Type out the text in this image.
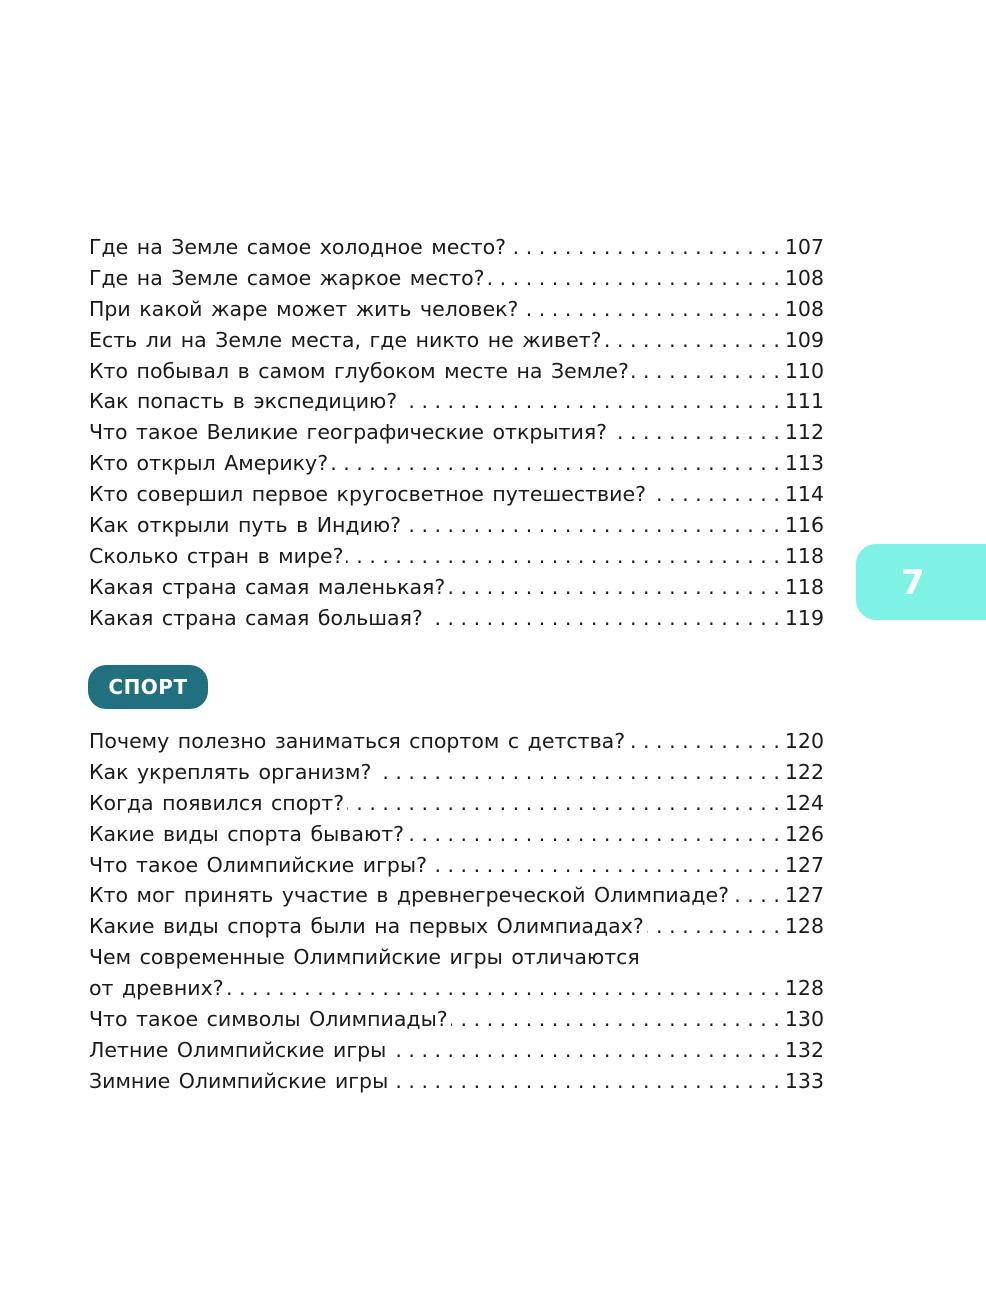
Где на Земле самое холодное место? . . .	107
Где на Земле самое жаркое место? . . .	108
При какой жаре может жить человек? . . .	108
Есть ли на Земле места, где никто не живет? . . .	109
Кто побывал в самом глубоком месте на Земле? . . .	110
Как попасть в экспедицию? . . .	111
Что такое Великие географические открытия? . . .	112
Кто открыл Америку? . . .	113
Кто совершил первое кругосветное путешествие? . . .	114
Как открыли путь в Индию? . . .	116
Сколько стран в мире? . . .	118
Какая страна самая маленькая? . . .	118
Какая страна самая большая? . . .	119
СПОРТ
Почему полезно заниматься спортом с детства? . . .	120
Как укреплять организм? . . .	122
Когда появился спорт? . . .	124
Какие виды спорта бывают? . . .	126
Что такое Олимпийские игры? . . .	127
Кто мог принять участие в древнегреческой Олимпиаде? . . .	127
Какие виды спорта были на первых Олимпиадах? . . .	128
Чем современные Олимпийские игры отличаются
от древних? . . .	128
Что такое символы Олимпиады? . . .	130
Летние Олимпийские игры . . .	132
Зимние Олимпийские игры . . .	133
7
